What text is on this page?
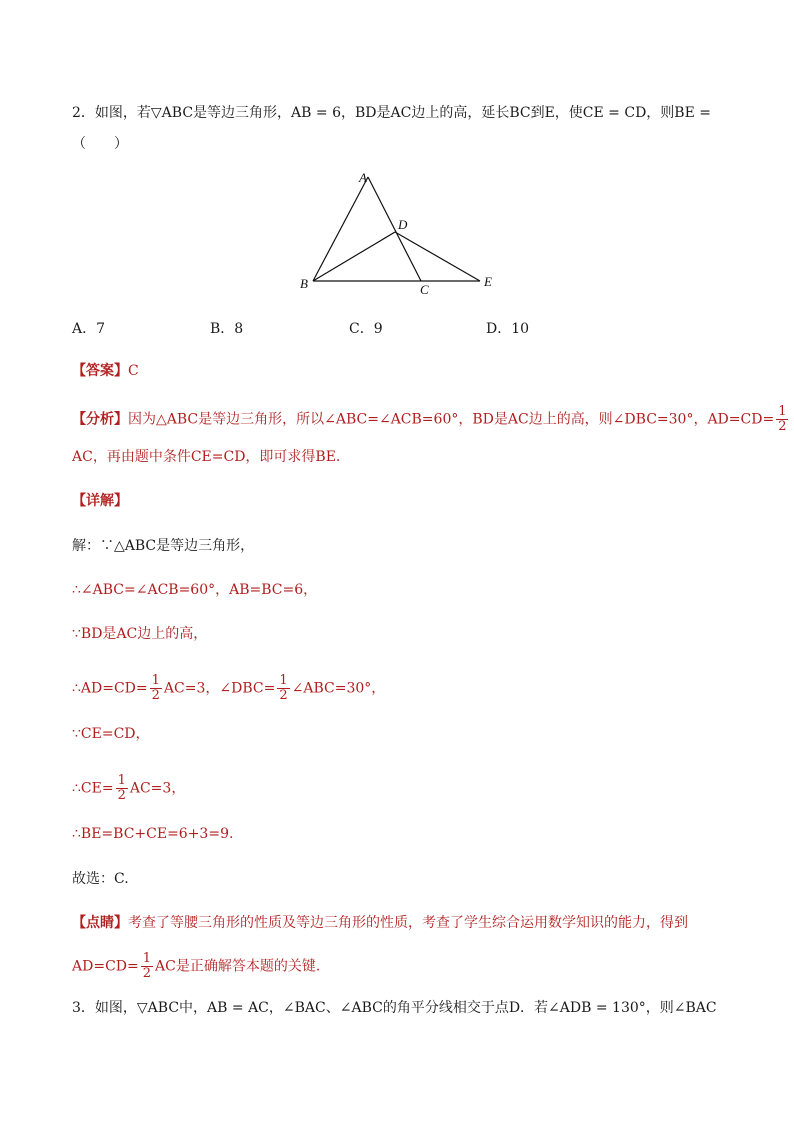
2．如图，若▽ABC是等边三角形，AB = 6，BD是AC边上的高，延长BC到E，使CE = CD，则BE =
（　　）
A
D
B	C
E
A．7	B．8	C．9	D．10
【答案】C
【分析】因为△ABC是等边三角形，所以∠ABC=∠ACB=60°，BD是AC边上的高，则∠DBC=30°，$AD=CD= \frac{1}{2}$
AC，再由题中条件CE=CD，即可求得BE.
【详解】
解：∵△ABC是等边三角形，
∴∠ABC=∠ACB=60°，AB=BC=6，
∵BD是AC边上的高，
∴AD=CD= $\frac{1}{2} AC=3$，∠DBC= $\frac{1}{2}$ ∠ABC=30°，
∵CE=CD，
∴CE= $\frac{1}{2} AC=3$，
∴BE=BC+CE=6+3=9.
故选：C.
【点睛】考查了等腰三角形的性质及等边三角形的性质，考查了学生综合运用数学知识的能力，得到
$AD=CD= \frac{1}{2}$ AC是正确解答本题的关键.
3．如图，▽ABC中，AB = AC，∠BAC、∠ABC的角平分线相交于点D．若∠ADB = 130°，则∠BAC
